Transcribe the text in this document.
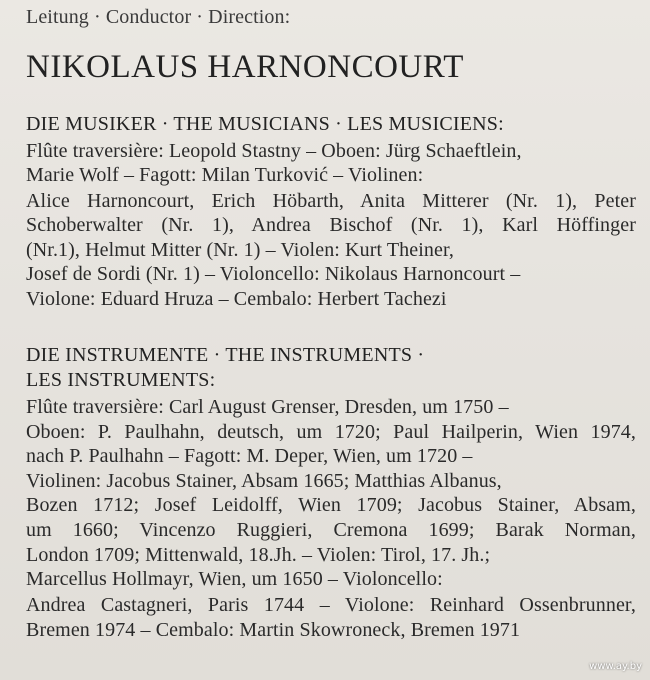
Leitung · Conductor · Direction:
NIKOLAUS HARNONCOURT
DIE MUSIKER · THE MUSICIANS · LES MUSICIENS:
Flûte traversière: Leopold Stastny – Oboen: Jürg Schaeftlein,
Marie Wolf – Fagott: Milan Turković – Violinen:
Alice Harnoncourt, Erich Höbarth, Anita Mitterer (Nr. 1), Peter
Schoberwalter (Nr. 1), Andrea Bischof (Nr. 1), Karl Höffinger
(Nr.1), Helmut Mitter (Nr. 1) – Violen: Kurt Theiner,
Josef de Sordi (Nr. 1) – Violoncello: Nikolaus Harnoncourt –
Violone: Eduard Hruza – Cembalo: Herbert Tachezi
DIE INSTRUMENTE · THE INSTRUMENTS ·
LES INSTRUMENTS:
Flûte traversière: Carl August Grenser, Dresden, um 1750 –
Oboen: P. Paulhahn, deutsch, um 1720; Paul Hailperin, Wien 1974,
nach P. Paulhahn – Fagott: M. Deper, Wien, um 1720 –
Violinen: Jacobus Stainer, Absam 1665; Matthias Albanus,
Bozen 1712; Josef Leidolff, Wien 1709; Jacobus Stainer, Absam,
um 1660; Vincenzo Ruggieri, Cremona 1699; Barak Norman,
London 1709; Mittenwald, 18.Jh. – Violen: Tirol, 17. Jh.;
Marcellus Hollmayr, Wien, um 1650 – Violoncello:
Andrea Castagneri, Paris 1744 – Violone: Reinhard Ossenbrunner,
Bremen 1974 – Cembalo: Martin Skowroneck, Bremen 1971
www.ay.by
